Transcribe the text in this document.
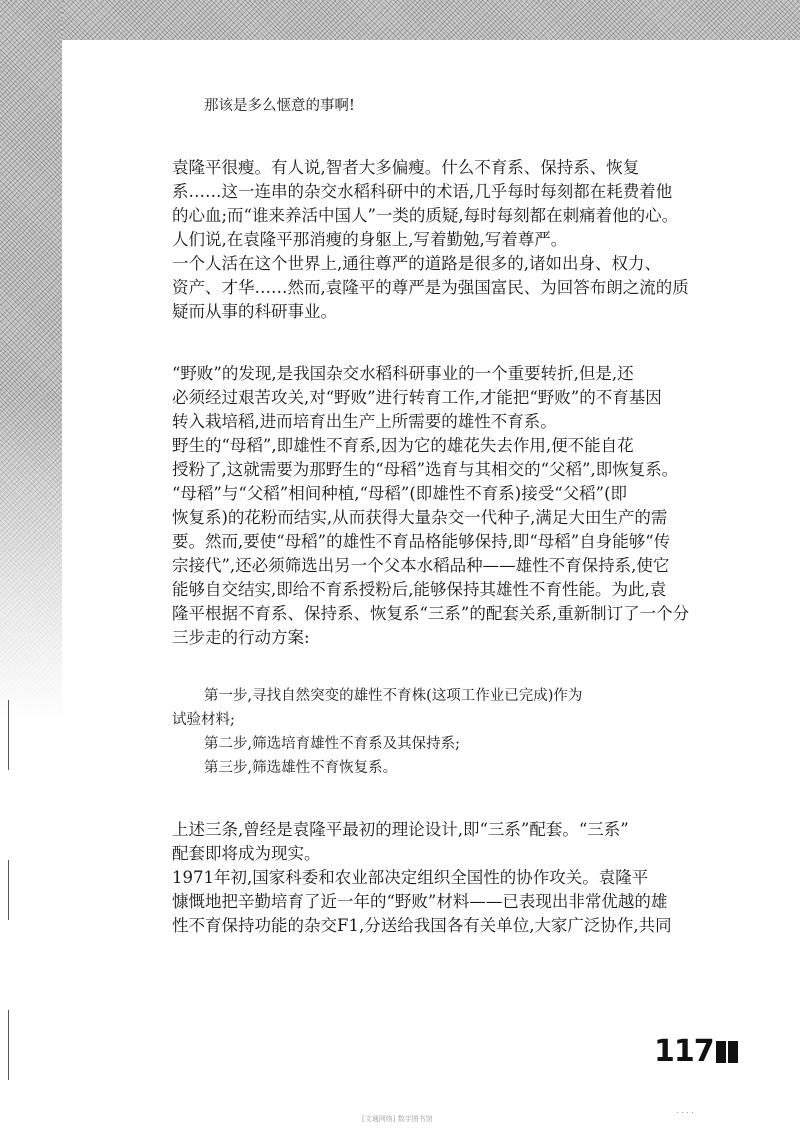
那该是多么惬意的事啊!
袁隆平很瘦。有人说,智者大多偏瘦。什么不育系、保持系、恢复
系……这一连串的杂交水稻科研中的术语,几乎每时每刻都在耗费着他
的心血;而“谁来养活中国人”一类的质疑,每时每刻都在刺痛着他的心。
人们说,在袁隆平那消瘦的身躯上,写着勤勉,写着尊严。
一个人活在这个世界上,通往尊严的道路是很多的,诸如出身、权力、
资产、才华……然而,袁隆平的尊严是为强国富民、为回答布朗之流的质
疑而从事的科研事业。
“野败”的发现,是我国杂交水稻科研事业的一个重要转折,但是,还
必须经过艰苦攻关,对“野败”进行转育工作,才能把“野败”的不育基因
转入栽培稻,进而培育出生产上所需要的雄性不育系。
野生的“母稻”,即雄性不育系,因为它的雄花失去作用,便不能自花
授粉了,这就需要为那野生的“母稻”选育与其相交的“父稻”,即恢复系。
“母稻”与“父稻”相间种植,“母稻”(即雄性不育系)接受“父稻”(即
恢复系)的花粉而结实,从而获得大量杂交一代种子,满足大田生产的需
要。然而,要使“母稻”的雄性不育品格能够保持,即“母稻”自身能够“传
宗接代”,还必须筛选出另一个父本水稻品种——雄性不育保持系,使它
能够自交结实,即给不育系授粉后,能够保持其雄性不育性能。为此,袁
隆平根据不育系、保持系、恢复系“三系”的配套关系,重新制订了一个分
三步走的行动方案:
第一步,寻找自然突变的雄性不育株(这项工作业已完成)作为
试验材料;
第二步,筛选培育雄性不育系及其保持系;
第三步,筛选雄性不育恢复系。
上述三条,曾经是袁隆平最初的理论设计,即“三系”配套。“三系”
配套即将成为现实。
1971年初,国家科委和农业部决定组织全国性的协作攻关。袁隆平
慷慨地把辛勤培育了近一年的“野败”材料——已表现出非常优越的雄
性不育保持功能的杂交F1,分送给我国各有关单位,大家广泛协作,共同
117
[文通网络] 数字图书馆
. . . .
